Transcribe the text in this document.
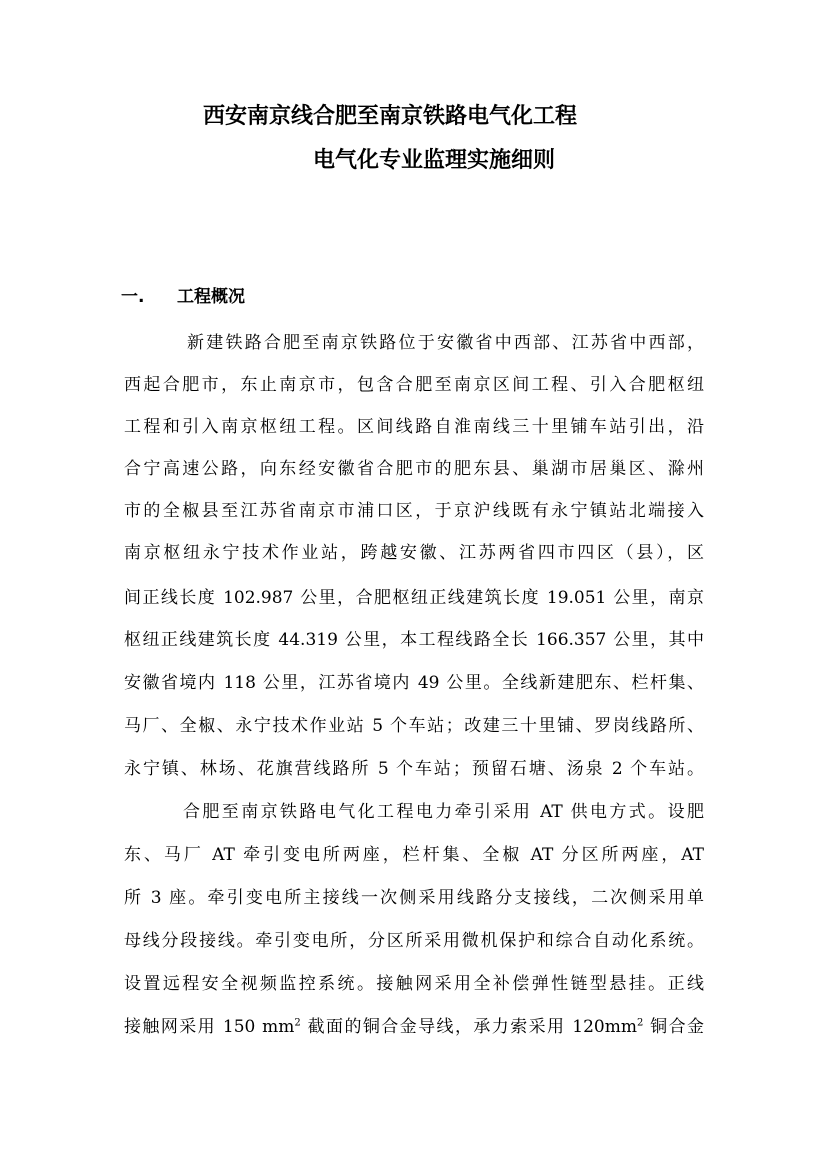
西安南京线合肥至南京铁路电气化工程
电气化专业监理实施细则
一. 工程概况
新建铁路合肥至南京铁路位于安徽省中西部、江苏省中西部，
西起合肥市，东止南京市，包含合肥至南京区间工程、引入合肥枢纽
工程和引入南京枢纽工程。区间线路自淮南线三十里铺车站引出，沿
合宁高速公路，向东经安徽省合肥市的肥东县、巢湖市居巢区、滁州
市的全椒县至江苏省南京市浦口区，于京沪线既有永宁镇站北端接入
南京枢纽永宁技术作业站，跨越安徽、江苏两省四市四区（县），区
间正线长度 102.987 公里，合肥枢纽正线建筑长度 19.051 公里，南京
枢纽正线建筑长度 44.319 公里，本工程线路全长 166.357 公里，其中
安徽省境内 118 公里，江苏省境内 49 公里。全线新建肥东、栏杆集、
马厂、全椒、永宁技术作业站 5 个车站；改建三十里铺、罗岗线路所、
永宁镇、林场、花旗营线路所 5 个车站；预留石塘、汤泉 2 个车站。
合肥至南京铁路电气化工程电力牵引采用 AT 供电方式。设肥
东、马厂 AT 牵引变电所两座，栏杆集、全椒 AT 分区所两座，AT
所 3 座。牵引变电所主接线一次侧采用线路分支接线，二次侧采用单
母线分段接线。牵引变电所，分区所采用微机保护和综合自动化系统。
设置远程安全视频监控系统。接触网采用全补偿弹性链型悬挂。正线
接触网采用 150 $mm^2$ 截面的铜合金导线，承力索采用 $120mm^2$ 铜合金
